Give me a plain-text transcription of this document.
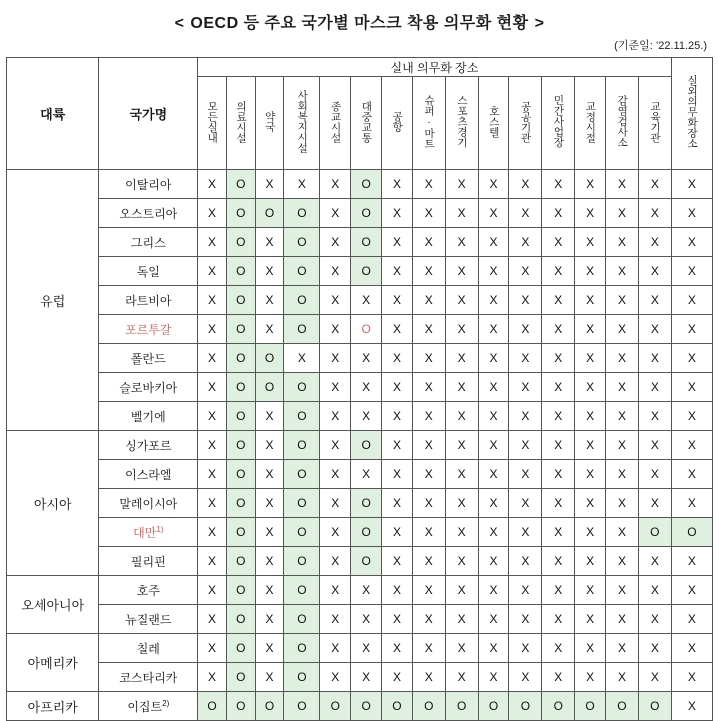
< OECD 등 주요 국가별 마스크 착용 의무화 현황 >
(기준일: ’22.11.25.)
대륙	국가명	실내 의무화 장소															실외의무화장소
		모든실내	의료시설	약국	사회복지시설	종교시설	대중교통	공항	슈퍼·마트	스포츠경기	호스텔	공공기관	민간사업장	교정시절	감염검사소	교육기관	
유럽	이탈리아	X	O	X	X	X	O	X	X	X	X	X	X	X	X	X	X
	오스트리아	X	O	O	O	X	O	X	X	X	X	X	X	X	X	X	X
	그리스	X	O	X	O	X	O	X	X	X	X	X	X	X	X	X	X
	독일	X	O	X	O	X	O	X	X	X	X	X	X	X	X	X	X
	라트비아	X	O	X	O	X	X	X	X	X	X	X	X	X	X	X	X
	포르투갈	X	O	X	O	X	O	X	X	X	X	X	X	X	X	X	X
	폴란드	X	O	O	X	X	X	X	X	X	X	X	X	X	X	X	X
	슬로바키아	X	O	O	O	X	X	X	X	X	X	X	X	X	X	X	X
	벨기에	X	O	X	O	X	X	X	X	X	X	X	X	X	X	X	X
아시아	싱가포르	X	O	X	O	X	O	X	X	X	X	X	X	X	X	X	X
	이스라엘	X	O	X	O	X	X	X	X	X	X	X	X	X	X	X	X
	말레이시아	X	O	X	O	X	O	X	X	X	X	X	X	X	X	X	X
	대만$^{1)}$	X	O	X	O	X	O	X	X	X	X	X	X	X	X	O	O
	필리핀	X	O	X	O	X	O	X	X	X	X	X	X	X	X	X	X
오세아니아	호주	X	O	X	O	X	X	X	X	X	X	X	X	X	X	X	X
	뉴질랜드	X	O	X	O	X	X	X	X	X	X	X	X	X	X	X	X
아메리카	칠레	X	O	X	O	X	X	X	X	X	X	X	X	X	X	X	X
	코스타리카	X	O	X	O	X	X	X	X	X	X	X	X	X	X	X	X
아프리카	이집트$^{2)}$	O	O	O	O	O	O	O	O	O	O	O	O	O	O	O	X
